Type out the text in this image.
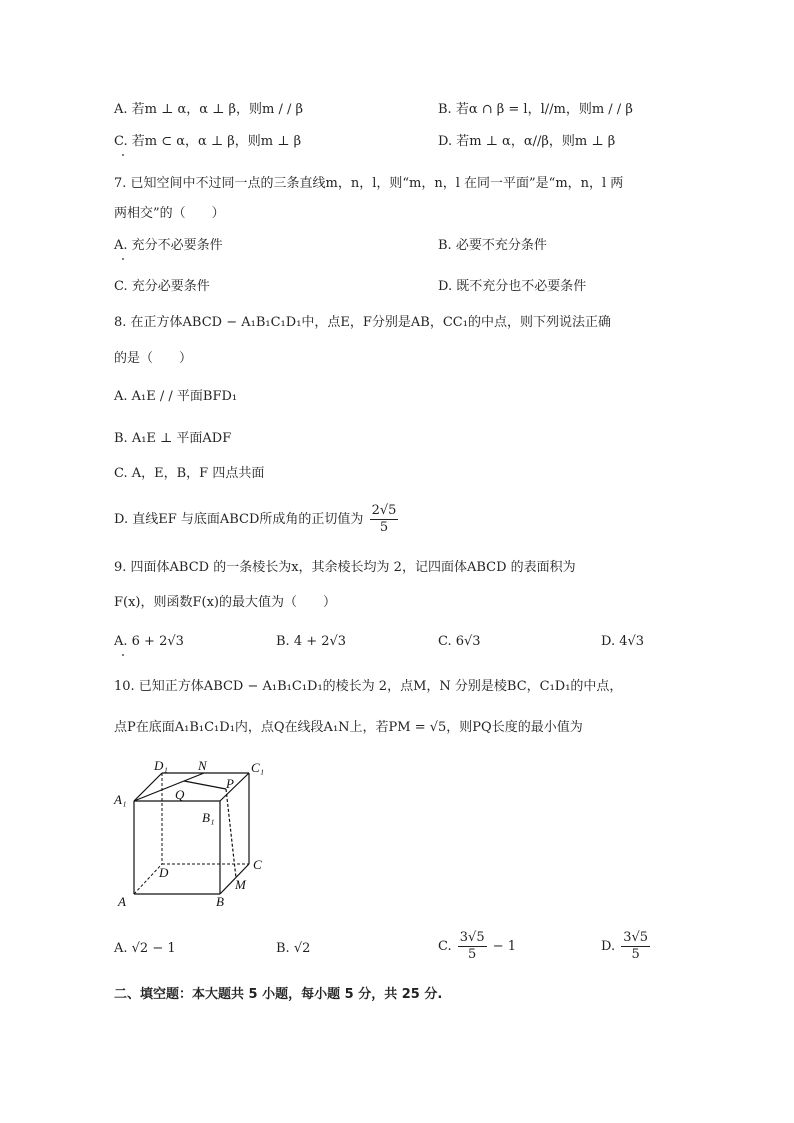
A. 若m ⊥ α，α ⊥ β，则m / / β	B. 若α ∩ β = l，l//m，则m / / β
C. 若m ⊂ α，α ⊥ β，则m ⊥ β	D. 若m ⊥ α，α//β，则m ⊥ β
7. 已知空间中不过同一点的三条直线m，n，l，则“m，n，l 在同一平面”是“m，n，l 两
两相交”的（　　）
A. 充分不必要条件	B. 必要不充分条件
C. 充分必要条件	D. 既不充分也不必要条件
8. 在正方体ABCD − A₁B₁C₁D₁中，点E，F分别是AB，CC₁的中点，则下列说法正确
的是（　　）
A. A₁E / / 平面BFD₁
B. A₁E ⊥ 平面ADF
C. A，E，B，F 四点共面
D. 直线EF 与底面ABCD所成角的正切值为 $\frac{2√5}{5}$
9. 四面体ABCD 的一条棱长为x，其余棱长均为 2，记四面体ABCD 的表面积为
F(x)，则函数F(x)的最大值为（　　）
A. 6 + 2√3	B. 4 + 2√3	C. 6√3	D. 4√3
10. 已知正方体ABCD − A₁B₁C₁D₁的棱长为 2，点M，N 分别是棱BC，C₁D₁的中点，
点P在底面A₁B₁C₁D₁内，点Q在线段A₁N上，若PM = √5，则PQ长度的最小值为
D₁ N	C₁
A₁	Q
P
B₁
C
D
M
A	B
A. √2 − 1	B. √2	C. $\frac{3√5}{5} - 1$	D. $\frac{3√5}{5}$
二、填空题：本大题共 5 小题，每小题 5 分，共 25 分.
